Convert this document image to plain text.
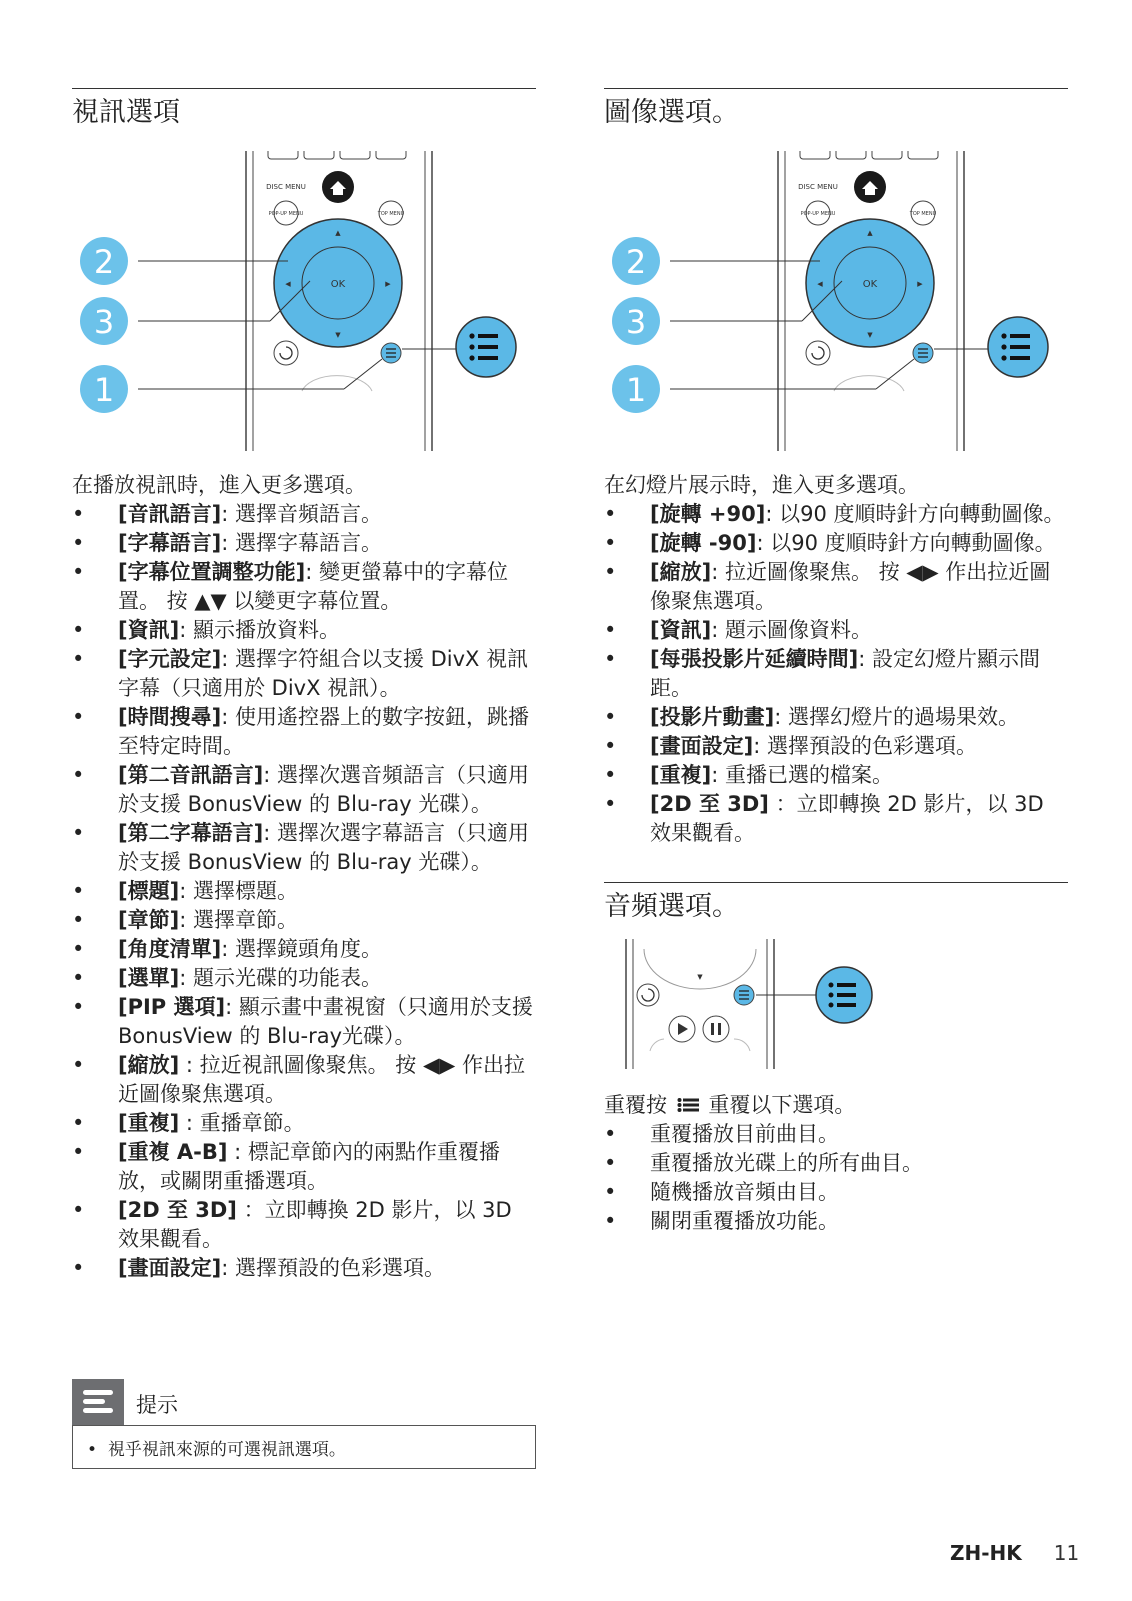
視訊選項
DISC MENU
POP-UP MENU	TOP MENU
OK
▲
▼
◀	▶
2
3
1

在播放視訊時，進入更多選項。

• [音訊語言]: 選擇音頻語言。
• [字幕語言]: 選擇字幕語言。
• [字幕位置調整功能]: 變更螢幕中的字幕位置。 按 ▲▼ 以變更字幕位置。
• [資訊]: 顯示播放資料。
• [字元設定]: 選擇字符組合以支援 DivX 視訊字幕（只適用於 DivX 視訊）。
• [時間搜尋]: 使用遙控器上的數字按鈕，跳播至特定時間。
• [第二音訊語言]: 選擇次選音頻語言（只適用於支援 BonusView 的 Blu-ray 光碟）。
• [第二字幕語言]: 選擇次選字幕語言（只適用於支援 BonusView 的 Blu-ray 光碟）。
• [標題]: 選擇標題。
• [章節]: 選擇章節。
• [角度清單]: 選擇鏡頭角度。
• [選單]: 題示光碟的功能表。
• [PIP 選項]: 顯示畫中畫視窗（只適用於支援 BonusView 的 Blu-ray光碟）。
• [縮放] : 拉近視訊圖像聚焦。 按 ◀▶ 作出拉近圖像聚焦選項。
• [重複] : 重播章節。
• [重複 A-B] : 標記章節內的兩點作重覆播放，或關閉重播選項。
• [2D 至 3D] ：立即轉換 2D 影片，以 3D 效果觀看。
• [畫面設定]: 選擇預設的色彩選項。
圖像選項。
DISC MENU
POP-UP MENU	TOP MENU
OK
▲
▼
◀	▶
2
3
1

在幻燈片展示時，進入更多選項。

• [旋轉 +90]: 以90 度順時針方向轉動圖像。
• [旋轉 -90]: 以90 度順時針方向轉動圖像。
• [縮放]: 拉近圖像聚焦。 按 ◀▶ 作出拉近圖像聚焦選項。
• [資訊]: 題示圖像資料。
• [每張投影片延續時間]: 設定幻燈片顯示間距。
• [投影片動畫]: 選擇幻燈片的過場果效。
• [畫面設定]: 選擇預設的色彩選項。
• [重複]: 重播已選的檔案。
• [2D 至 3D] ：立即轉換 2D 影片，以 3D 效果觀看。
音頻選項。
▼

重覆按 重覆以下選項。

• 重覆播放目前曲目。
• 重覆播放光碟上的所有曲目。
• 隨機播放音頻由目。
• 關閉重覆播放功能。
提示
•  視乎視訊來源的可選視訊選項。
ZH-HK 11
